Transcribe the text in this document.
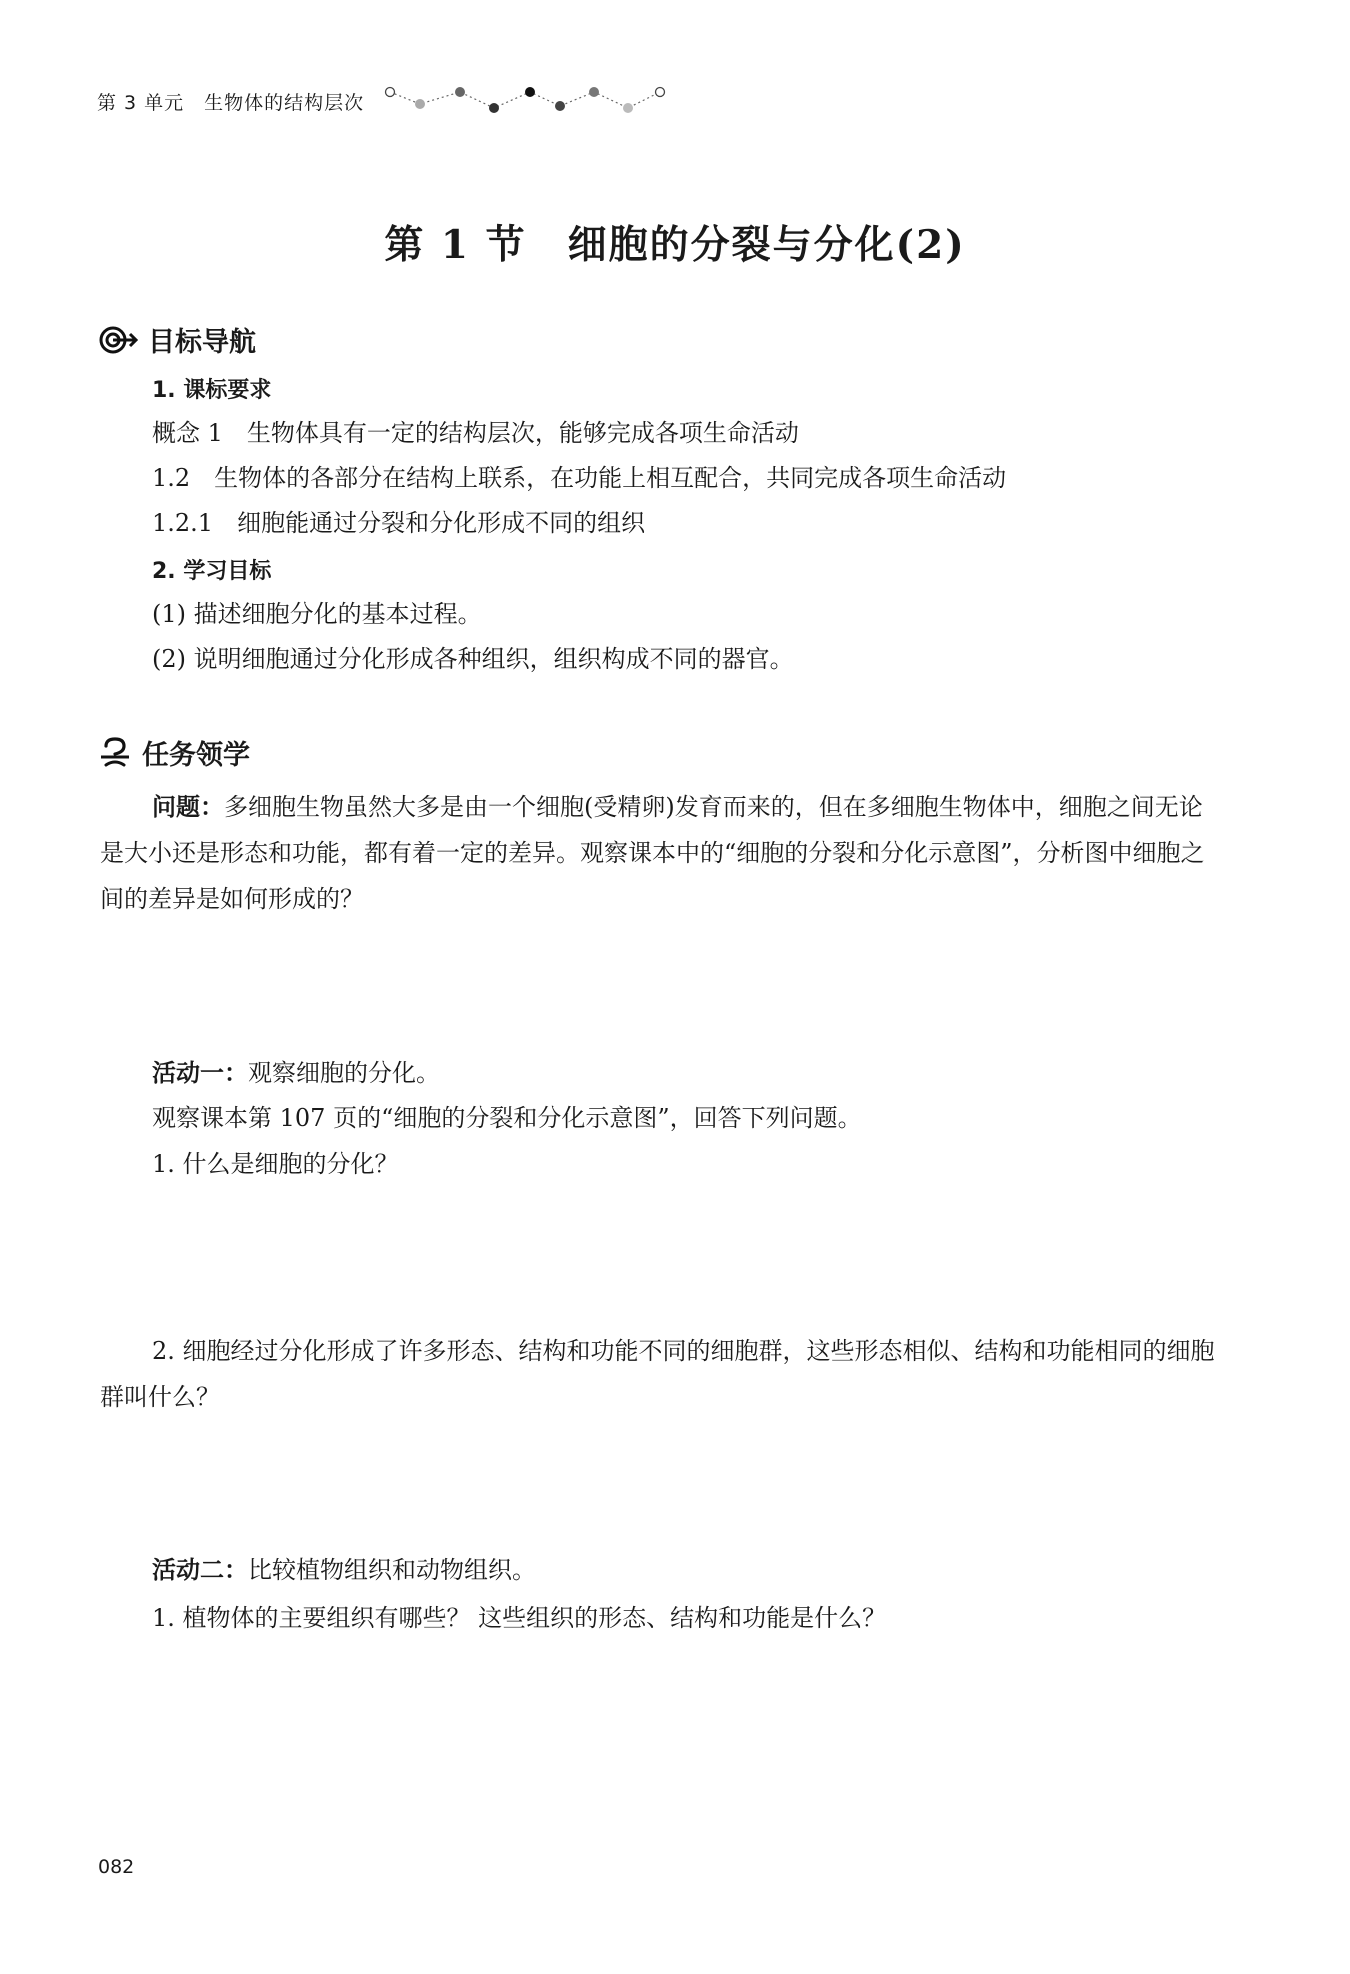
第 3 单元　生物体的结构层次
第 1 节　细胞的分裂与分化(2)
目标导航
1. 课标要求
概念 1　生物体具有一定的结构层次，能够完成各项生命活动
1.2　生物体的各部分在结构上联系，在功能上相互配合，共同完成各项生命活动
1.2.1　细胞能通过分裂和分化形成不同的组织
2. 学习目标
(1) 描述细胞分化的基本过程。
(2) 说明细胞通过分化形成各种组织，组织构成不同的器官。
任务领学
问题：多细胞生物虽然大多是由一个细胞(受精卵)发育而来的，但在多细胞生物体中，细胞之间无论是大小还是形态和功能，都有着一定的差异。观察课本中的“细胞的分裂和分化示意图”，分析图中细胞之间的差异是如何形成的？
活动一：观察细胞的分化。
观察课本第 107 页的“细胞的分裂和分化示意图”，回答下列问题。
1. 什么是细胞的分化？
2. 细胞经过分化形成了许多形态、结构和功能不同的细胞群，这些形态相似、结构和功能相同的细胞群叫什么？
活动二：比较植物组织和动物组织。
1. 植物体的主要组织有哪些？ 这些组织的形态、结构和功能是什么？
082
